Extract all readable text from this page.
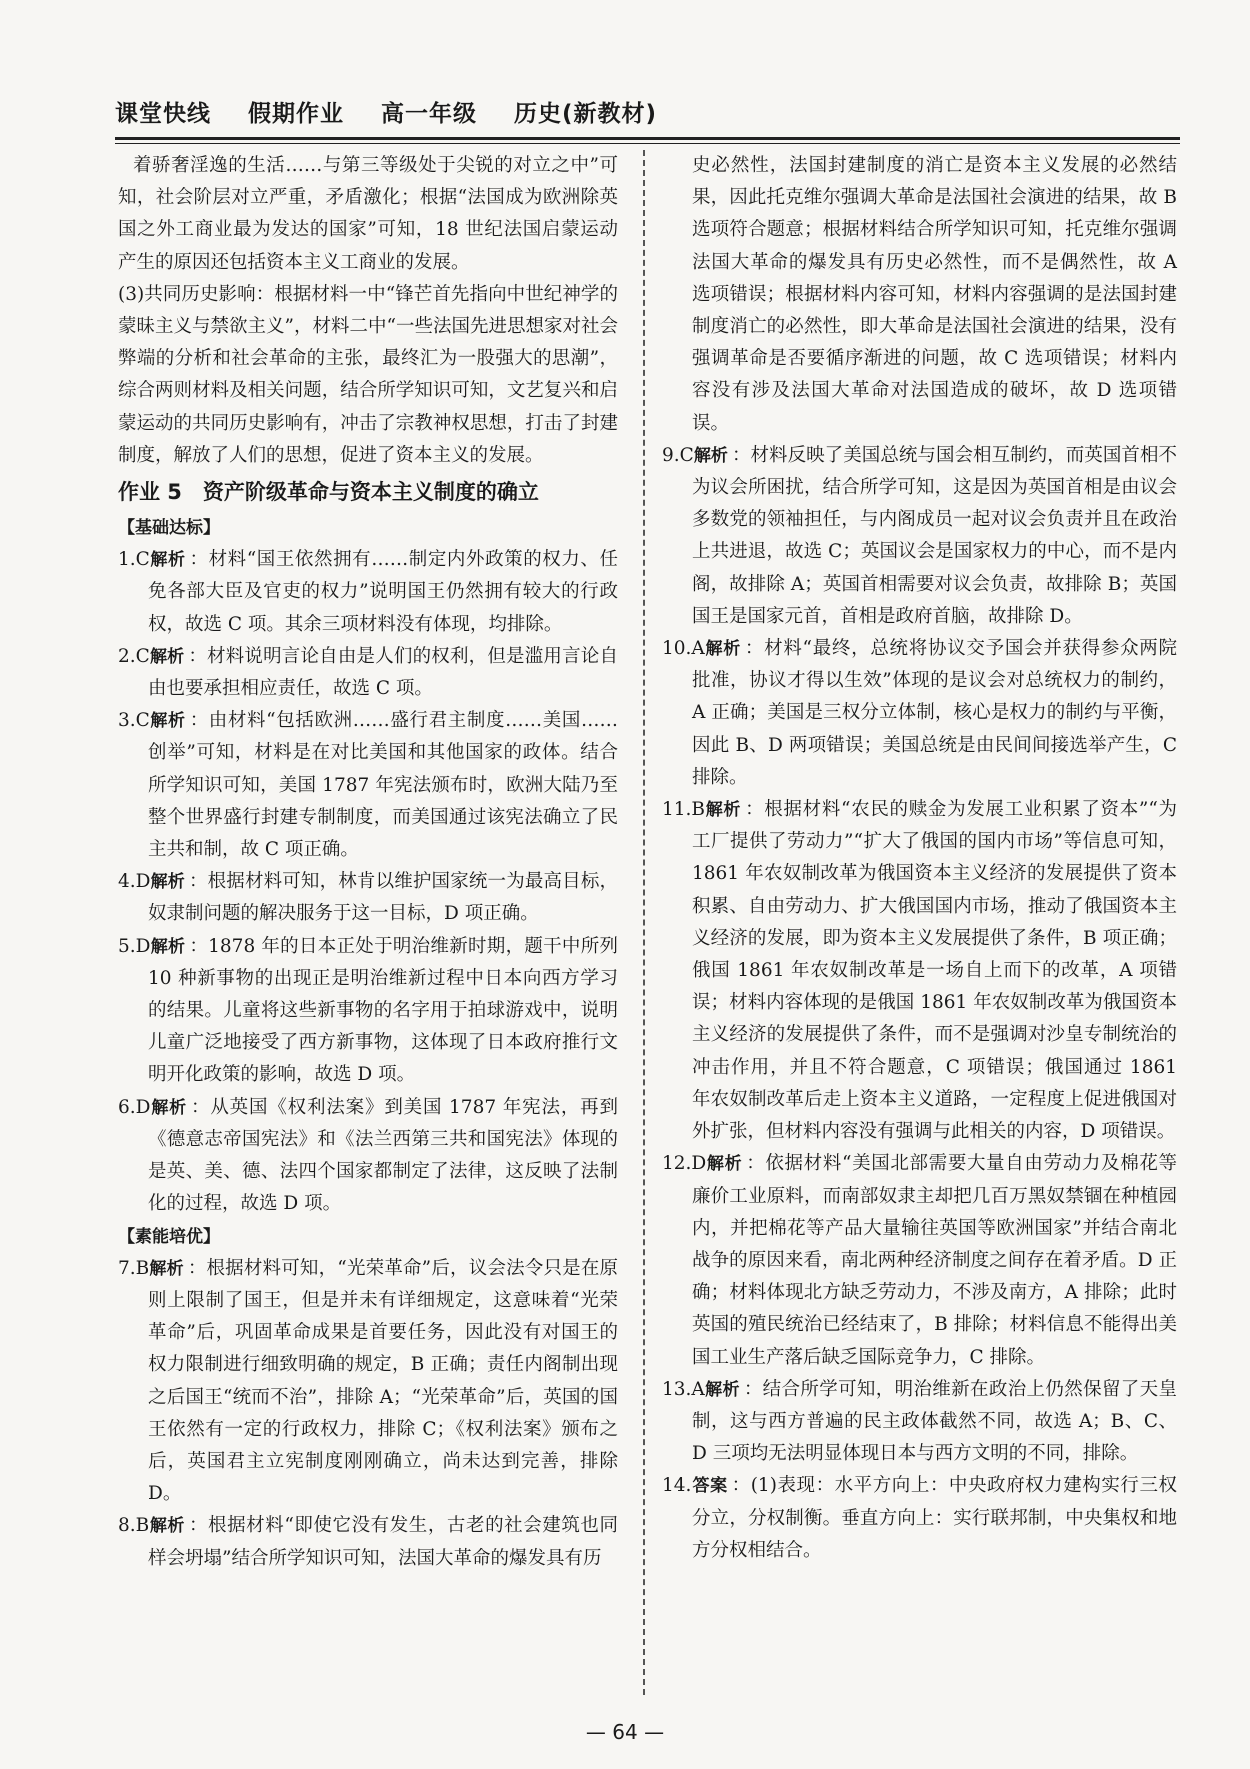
课堂快线 假期作业 高一年级 历史(新教材)

着骄奢淫逸的生活……与第三等级处于尖锐的对立之中”可知，社会阶层对立严重，矛盾激化；根据“法国成为欧洲除英国之外工商业最为发达的国家”可知，18 世纪法国启蒙运动产生的原因还包括资本主义工商业的发展。

(3)共同历史影响：根据材料一中“锋芒首先指向中世纪神学的蒙昧主义与禁欲主义”，材料二中“一些法国先进思想家对社会弊端的分析和社会革命的主张，最终汇为一股强大的思潮”，综合两则材料及相关问题，结合所学知识可知，文艺复兴和启蒙运动的共同历史影响有，冲击了宗教神权思想，打击了封建制度，解放了人们的思想，促进了资本主义的发展。

作业 5　资产阶级革命与资本主义制度的确立

【基础达标】

1.C解析 ：材料“国王依然拥有……制定内外政策的权力、任免各部大臣及官吏的权力”说明国王仍然拥有较大的行政权，故选 C 项。其余三项材料没有体现，均排除。

2.C解析 ：材料说明言论自由是人们的权利，但是滥用言论自由也要承担相应责任，故选 C 项。

3.C解析 ：由材料“包括欧洲……盛行君主制度……美国……创举”可知，材料是在对比美国和其他国家的政体。结合所学知识可知，美国 1787 年宪法颁布时，欧洲大陆乃至整个世界盛行封建专制制度，而美国通过该宪法确立了民主共和制，故 C 项正确。

4.D解析 ：根据材料可知，林肯以维护国家统一为最高目标，奴隶制问题的解决服务于这一目标，D 项正确。

5.D解析 ：1878 年的日本正处于明治维新时期，题干中所列 10 种新事物的出现正是明治维新过程中日本向西方学习的结果。儿童将这些新事物的名字用于拍球游戏中，说明儿童广泛地接受了西方新事物，这体现了日本政府推行文明开化政策的影响，故选 D 项。

6.D解析 ：从英国《权利法案》到美国 1787 年宪法，再到《德意志帝国宪法》和《法兰西第三共和国宪法》体现的是英、美、德、法四个国家都制定了法律，这反映了法制化的过程，故选 D 项。

【素能培优】

7.B解析 ：根据材料可知，“光荣革命”后，议会法令只是在原则上限制了国王，但是并未有详细规定，这意味着“光荣革命”后，巩固革命成果是首要任务，因此没有对国王的权力限制进行细致明确的规定，B 正确；责任内阁制出现之后国王“统而不治”，排除 A；“光荣革命”后，英国的国王依然有一定的行政权力，排除 C；《权利法案》颁布之后，英国君主立宪制度刚刚确立，尚未达到完善，排除 D。

8.B解析 ：根据材料“即使它没有发生，古老的社会建筑也同样会坍塌”结合所学知识可知，法国大革命的爆发具有历

史必然性，法国封建制度的消亡是资本主义发展的必然结果，因此托克维尔强调大革命是法国社会演进的结果，故 B 选项符合题意；根据材料结合所学知识可知，托克维尔强调法国大革命的爆发具有历史必然性，而不是偶然性，故 A 选项错误；根据材料内容可知，材料内容强调的是法国封建制度消亡的必然性，即大革命是法国社会演进的结果，没有强调革命是否要循序渐进的问题，故 C 选项错误；材料内容没有涉及法国大革命对法国造成的破坏，故 D 选项错误。

9.C解析 ：材料反映了美国总统与国会相互制约，而英国首相不为议会所困扰，结合所学可知，这是因为英国首相是由议会多数党的领袖担任，与内阁成员一起对议会负责并且在政治上共进退，故选 C；英国议会是国家权力的中心，而不是内阁，故排除 A；英国首相需要对议会负责，故排除 B；英国国王是国家元首，首相是政府首脑，故排除 D。

10.A解析 ：材料“最终，总统将协议交予国会并获得参众两院批准，协议才得以生效”体现的是议会对总统权力的制约，A 正确；美国是三权分立体制，核心是权力的制约与平衡，因此 B、D 两项错误；美国总统是由民间间接选举产生，C 排除。

11.B解析 ：根据材料“农民的赎金为发展工业积累了资本”“为工厂提供了劳动力”“扩大了俄国的国内市场”等信息可知，1861 年农奴制改革为俄国资本主义经济的发展提供了资本积累、自由劳动力、扩大俄国国内市场，推动了俄国资本主义经济的发展，即为资本主义发展提供了条件，B 项正确；俄国 1861 年农奴制改革是一场自上而下的改革，A 项错误；材料内容体现的是俄国 1861 年农奴制改革为俄国资本主义经济的发展提供了条件，而不是强调对沙皇专制统治的冲击作用，并且不符合题意，C 项错误；俄国通过 1861 年农奴制改革后走上资本主义道路，一定程度上促进俄国对外扩张，但材料内容没有强调与此相关的内容，D 项错误。

12.D解析 ：依据材料“美国北部需要大量自由劳动力及棉花等廉价工业原料，而南部奴隶主却把几百万黑奴禁锢在种植园内，并把棉花等产品大量输往英国等欧洲国家”并结合南北战争的原因来看，南北两种经济制度之间存在着矛盾。D 正确；材料体现北方缺乏劳动力，不涉及南方，A 排除；此时英国的殖民统治已经结束了，B 排除；材料信息不能得出美国工业生产落后缺乏国际竞争力，C 排除。

13.A解析 ：结合所学可知，明治维新在政治上仍然保留了天皇制，这与西方普遍的民主政体截然不同，故选 A；B、C、D 三项均无法明显体现日本与西方文明的不同，排除。

14.答案 ：(1)表现：水平方向上：中央政府权力建构实行三权分立，分权制衡。垂直方向上：实行联邦制，中央集权和地方分权相结合。

— 64 —
